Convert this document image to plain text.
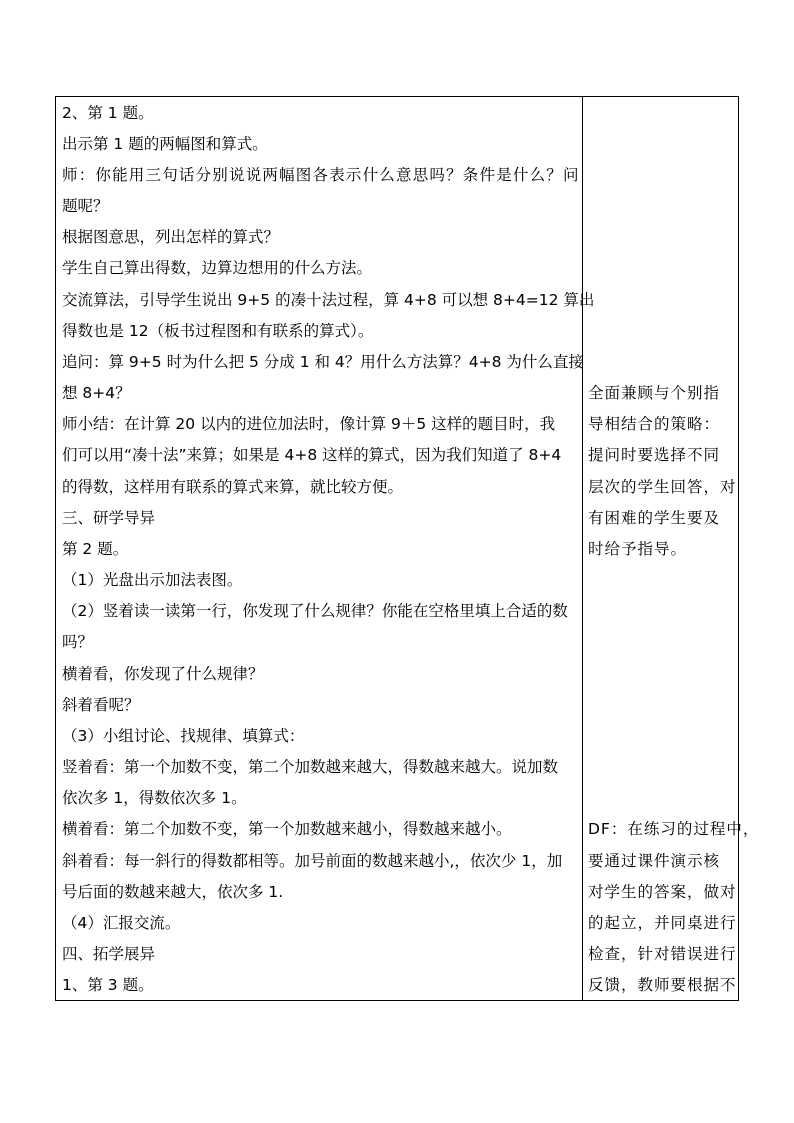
2、第 1 题。
出示第 1 题的两幅图和算式。
师：你能用三句话分别说说两幅图各表示什么意思吗？条件是什么？问
题呢？
根据图意思，列出怎样的算式？
学生自己算出得数，边算边想用的什么方法。
交流算法，引导学生说出 9+5 的凑十法过程，算 4+8 可以想 8+4=12 算出
得数也是 12（板书过程图和有联系的算式）。
追问：算 9+5 时为什么把 5 分成 1 和 4？用什么方法算？4+8 为什么直接
想 8+4？
师小结：在计算 20 以内的进位加法时，像计算 9＋5 这样的题目时，我
们可以用“凑十法”来算；如果是 4+8 这样的算式，因为我们知道了 8+4
的得数，这样用有联系的算式来算，就比较方便。
三、研学导异
第 2 题。
（1）光盘出示加法表图。
（2）竖着读一读第一行，你发现了什么规律？你能在空格里填上合适的数
吗？
横着看，你发现了什么规律？
斜着看呢？
（3）小组讨论、找规律、填算式：
竖着看：第一个加数不变，第二个加数越来越大，得数越来越大。说加数
依次多 1，得数依次多 1。
横着看：第二个加数不变，第一个加数越来越小，得数越来越小。
斜着看：每一斜行的得数都相等。加号前面的数越来越小,，依次少 1，加
号后面的数越来越大，依次多 1.
（4）汇报交流。
四、拓学展异
1、第 3 题。
全面兼顾与个别指
导相结合的策略：
提问时要选择不同
层次的学生回答，对
有困难的学生要及
时给予指导。
DF：在练习的过程中，
要通过课件演示核
对学生的答案，做对
的起立，并同桌进行
检查，针对错误进行
反馈，教师要根据不
